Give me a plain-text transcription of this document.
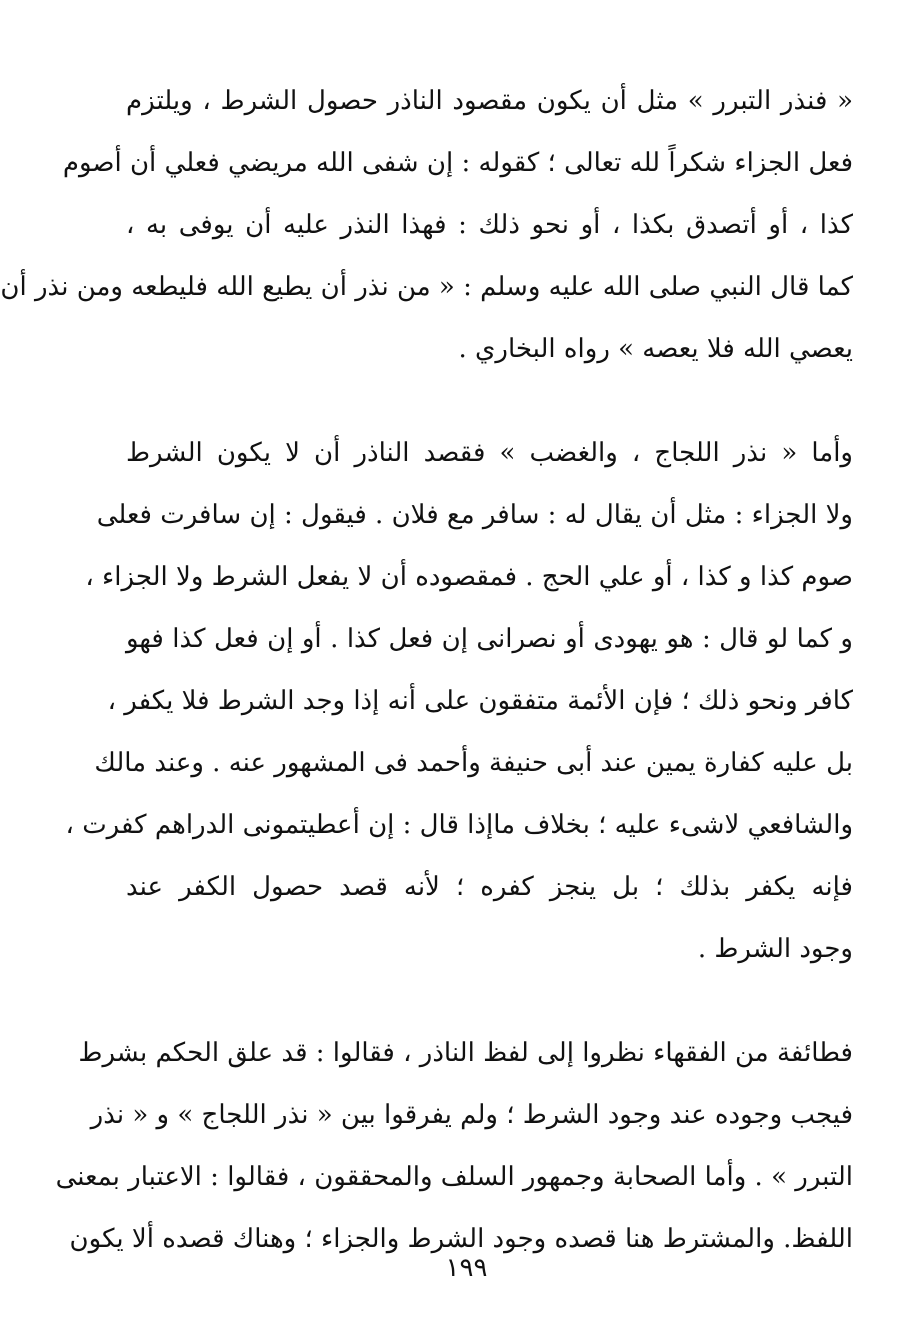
« فنذر التبرر » مثل أن يكون مقصود الناذر حصول الشرط ، ويلتزم
فعل الجزاء شكراً لله تعالى ؛ كقوله : إن شفى الله مريضي فعلي أن أصوم
كذا ، أو أتصدق بكذا ، أو نحو ذلك : فهذا النذر عليه أن يوفى به ،
كما قال النبي صلى الله عليه وسلم : « من نذر أن يطيع الله فليطعه ومن نذر أن
يعصي الله فلا يعصه » رواه البخاري .
وأما « نذر اللجاج ، والغضب » فقصد الناذر أن لا يكون الشرط
ولا الجزاء : مثل أن يقال له : سافر مع فلان . فيقول : إن سافرت فعلى
صوم كذا و كذا ، أو علي الحج . فمقصوده أن لا يفعل الشرط ولا الجزاء ،
و كما لو قال : هو يهودى أو نصرانى إن فعل كذا . أو إن فعل كذا فهو
كافر ونحو ذلك ؛ فإن الأئمة متفقون على أنه إذا وجد الشرط فلا يكفر ،
بل عليه كفارة يمين عند أبى حنيفة وأحمد فى المشهور عنه . وعند مالك
والشافعي لاشىء عليه ؛ بخلاف ماإذا قال : إن أعطيتمونى الدراهم كفرت ،
فإنه يكفر بذلك ؛ بل ينجز كفره ؛ لأنه قصد حصول الكفر عند
وجود الشرط .
فطائفة من الفقهاء نظروا إلى لفظ الناذر ، فقالوا : قد علق الحكم بشرط
فيجب وجوده عند وجود الشرط ؛ ولم يفرقوا بين « نذر اللجاج » و « نذر
التبرر » . وأما الصحابة وجمهور السلف والمحققون ، فقالوا : الاعتبار بمعنى
اللفظ. والمشترط هنا قصده وجود الشرط والجزاء ؛ وهناك قصده ألا يكون
١٩٩
